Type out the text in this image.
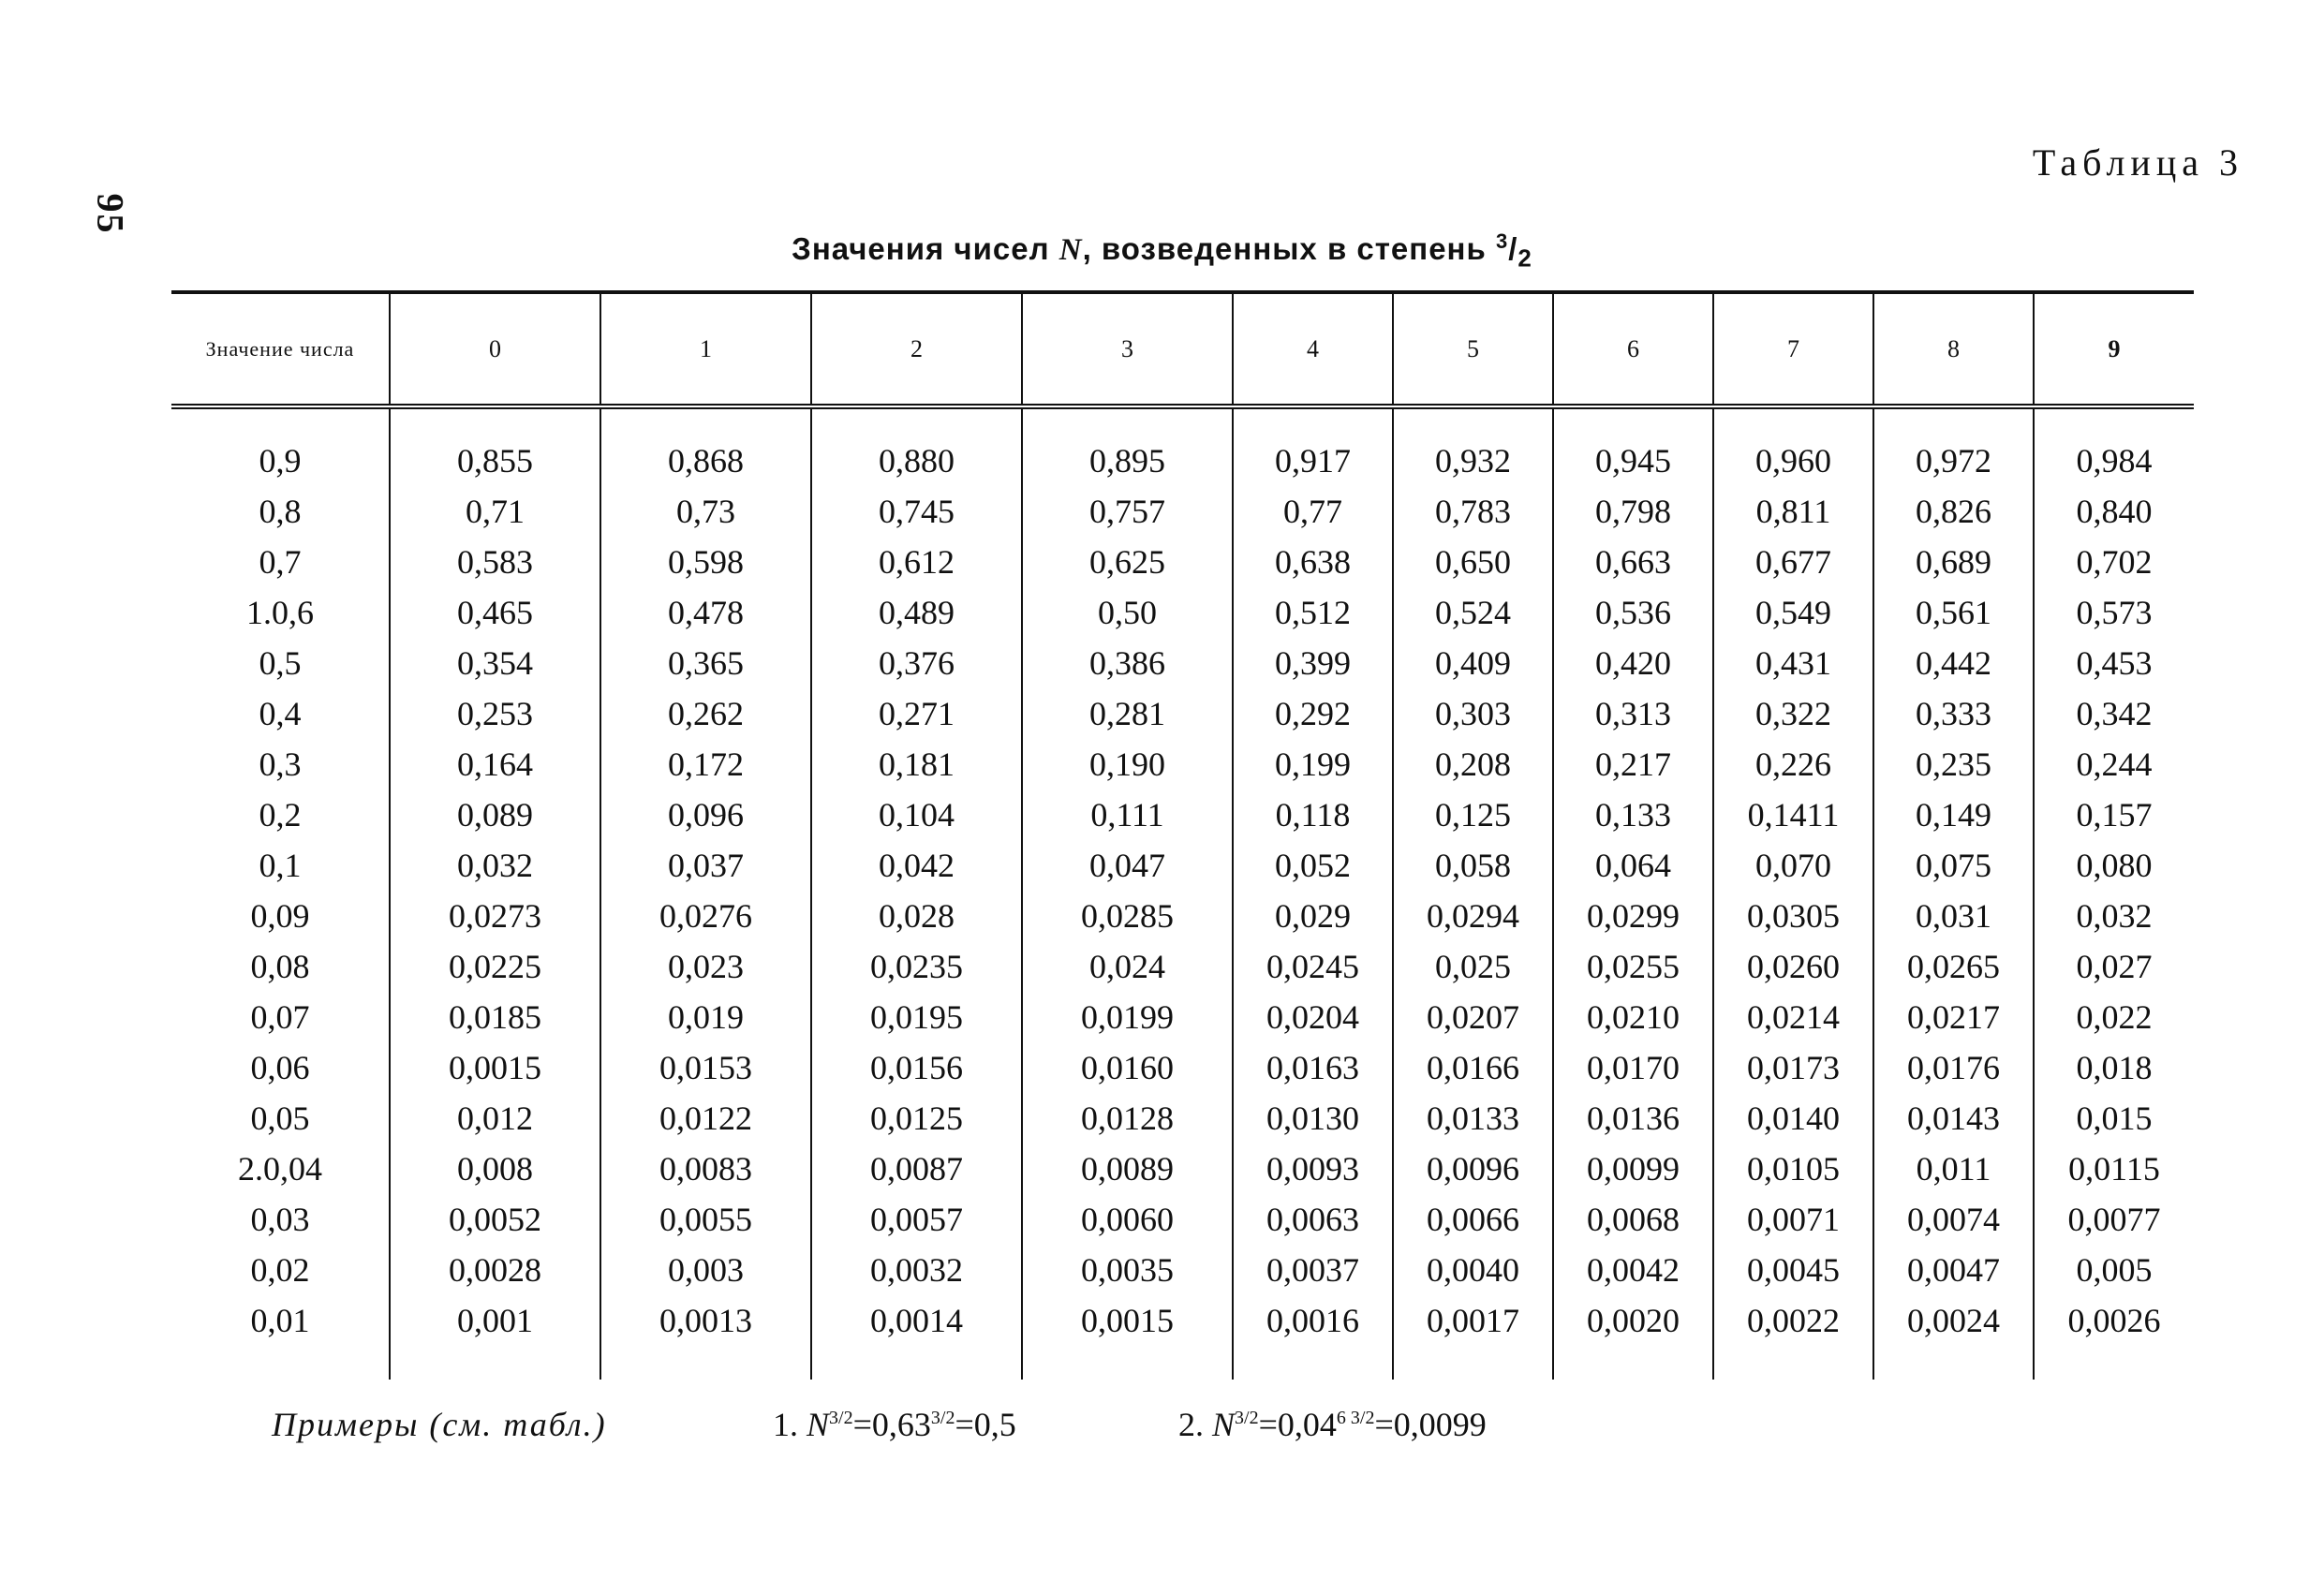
95
Таблица 3
Значения чисел N, возведенных в степень $^3/_2$
Значение числа	0	1	2	3	4	5	6	7	8	9
0,9	0,855	0,868	0,880	0,895	0,917	0,932	0,945	0,960	0,972	0,984
0,8	0,71	0,73	0,745	0,757	0,77	0,783	0,798	0,811	0,826	0,840
0,7	0,583	0,598	0,612	0,625	0,638	0,650	0,663	0,677	0,689	0,702
1.0,6	0,465	0,478	0,489	0,50	0,512	0,524	0,536	0,549	0,561	0,573
0,5	0,354	0,365	0,376	0,386	0,399	0,409	0,420	0,431	0,442	0,453
0,4	0,253	0,262	0,271	0,281	0,292	0,303	0,313	0,322	0,333	0,342
0,3	0,164	0,172	0,181	0,190	0,199	0,208	0,217	0,226	0,235	0,244
0,2	0,089	0,096	0,104	0,111	0,118	0,125	0,133	0,1411	0,149	0,157
0,1	0,032	0,037	0,042	0,047	0,052	0,058	0,064	0,070	0,075	0,080
0,09	0,0273	0,0276	0,028	0,0285	0,029	0,0294	0,0299	0,0305	0,031	0,032
0,08	0,0225	0,023	0,0235	0,024	0,0245	0,025	0,0255	0,0260	0,0265	0,027
0,07	0,0185	0,019	0,0195	0,0199	0,0204	0,0207	0,0210	0,0214	0,0217	0,022
0,06	0,0015	0,0153	0,0156	0,0160	0,0163	0,0166	0,0170	0,0173	0,0176	0,018
0,05	0,012	0,0122	0,0125	0,0128	0,0130	0,0133	0,0136	0,0140	0,0143	0,015
2.0,04	0,008	0,0083	0,0087	0,0089	0,0093	0,0096	0,0099	0,0105	0,011	0,0115
0,03	0,0052	0,0055	0,0057	0,0060	0,0063	0,0066	0,0068	0,0071	0,0074	0,0077
0,02	0,0028	0,003	0,0032	0,0035	0,0037	0,0040	0,0042	0,0045	0,0047	0,005
0,01	0,001	0,0013	0,0014	0,0015	0,0016	0,0017	0,0020	0,0022	0,0024	0,0026
Примеры (см. табл.)	1. $N^{3/2}=0,63^{3/2}=0,5$	2. $N^{3/2}=0,04^{6 3/2}=0,0099$
